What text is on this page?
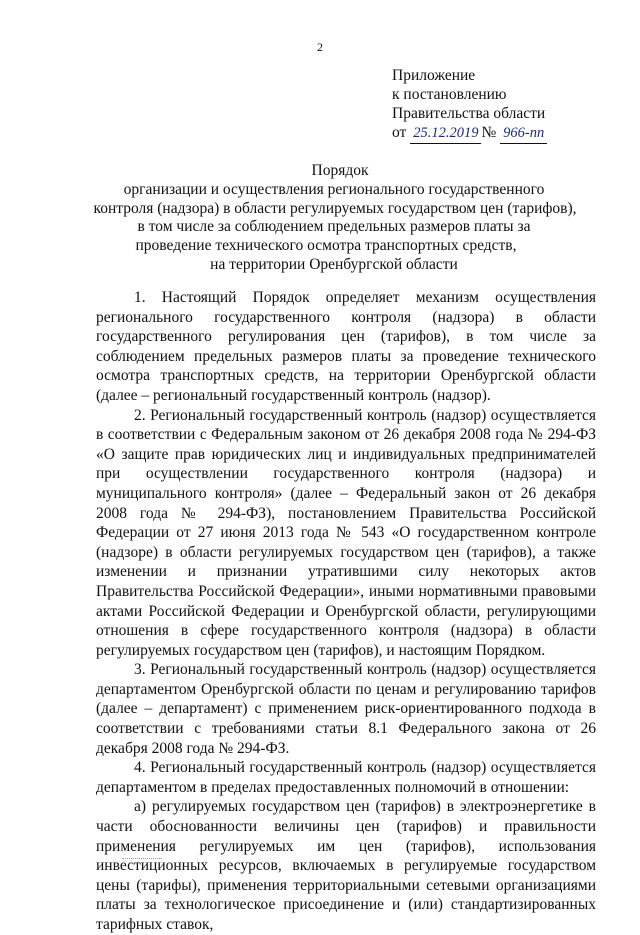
2
Приложение
к постановлению
Правительства области
от 25.12.2019 № 966-пп
Порядок
организации и осуществления регионального государственного
контроля (надзора) в области регулируемых государством цен (тарифов),
в том числе за соблюдением предельных размеров платы за
проведение технического осмотра транспортных средств,
на территории Оренбургской области

1. Настоящий Порядок определяет механизм осуществления регионального государственного контроля (надзора) в области государственного регулирования цен (тарифов), в том числе за соблюдением предельных размеров платы за проведение технического осмотра транспортных средств, на территории Оренбургской области (далее – региональный государственный контроль (надзор).

2. Региональный государственный контроль (надзор) осуществляется в соответствии с Федеральным законом от 26 декабря 2008 года № 294-ФЗ «О защите прав юридических лиц и индивидуальных предпринимателей при осуществлении государственного контроля (надзора) и муниципального контроля» (далее – Федеральный закон от 26 декабря 2008 года № 294-ФЗ), постановлением Правительства Российской Федерации от 27 июня 2013 года № 543 «О государственном контроле (надзоре) в области регулируемых государством цен (тарифов), а также изменении и признании утратившими силу некоторых актов Правительства Российской Федерации», иными нормативными правовыми актами Российской Федерации и Оренбургской области, регулирующими отношения в сфере государственного контроля (надзора) в области регулируемых государством цен (тарифов), и настоящим Порядком.

3. Региональный государственный контроль (надзор) осуществляется департаментом Оренбургской области по ценам и регулированию тарифов (далее – департамент) с применением риск-ориентированного подхода в соответствии с требованиями статьи 8.1 Федерального закона от 26 декабря 2008 года № 294-ФЗ.

4. Региональный государственный контроль (надзор) осуществляется департаментом в пределах предоставленных полномочий в отношении:

а) регулируемых государством цен (тарифов) в электроэнергетике в части обоснованности величины цен (тарифов) и правильности применения регулируемых им цен (тарифов), использования инвестиционных ресурсов, включаемых в регулируемые государством цены (тарифы), применения территориальными сетевыми организациями платы за технологическое присоединение и (или) стандартизированных тарифных ставок,
